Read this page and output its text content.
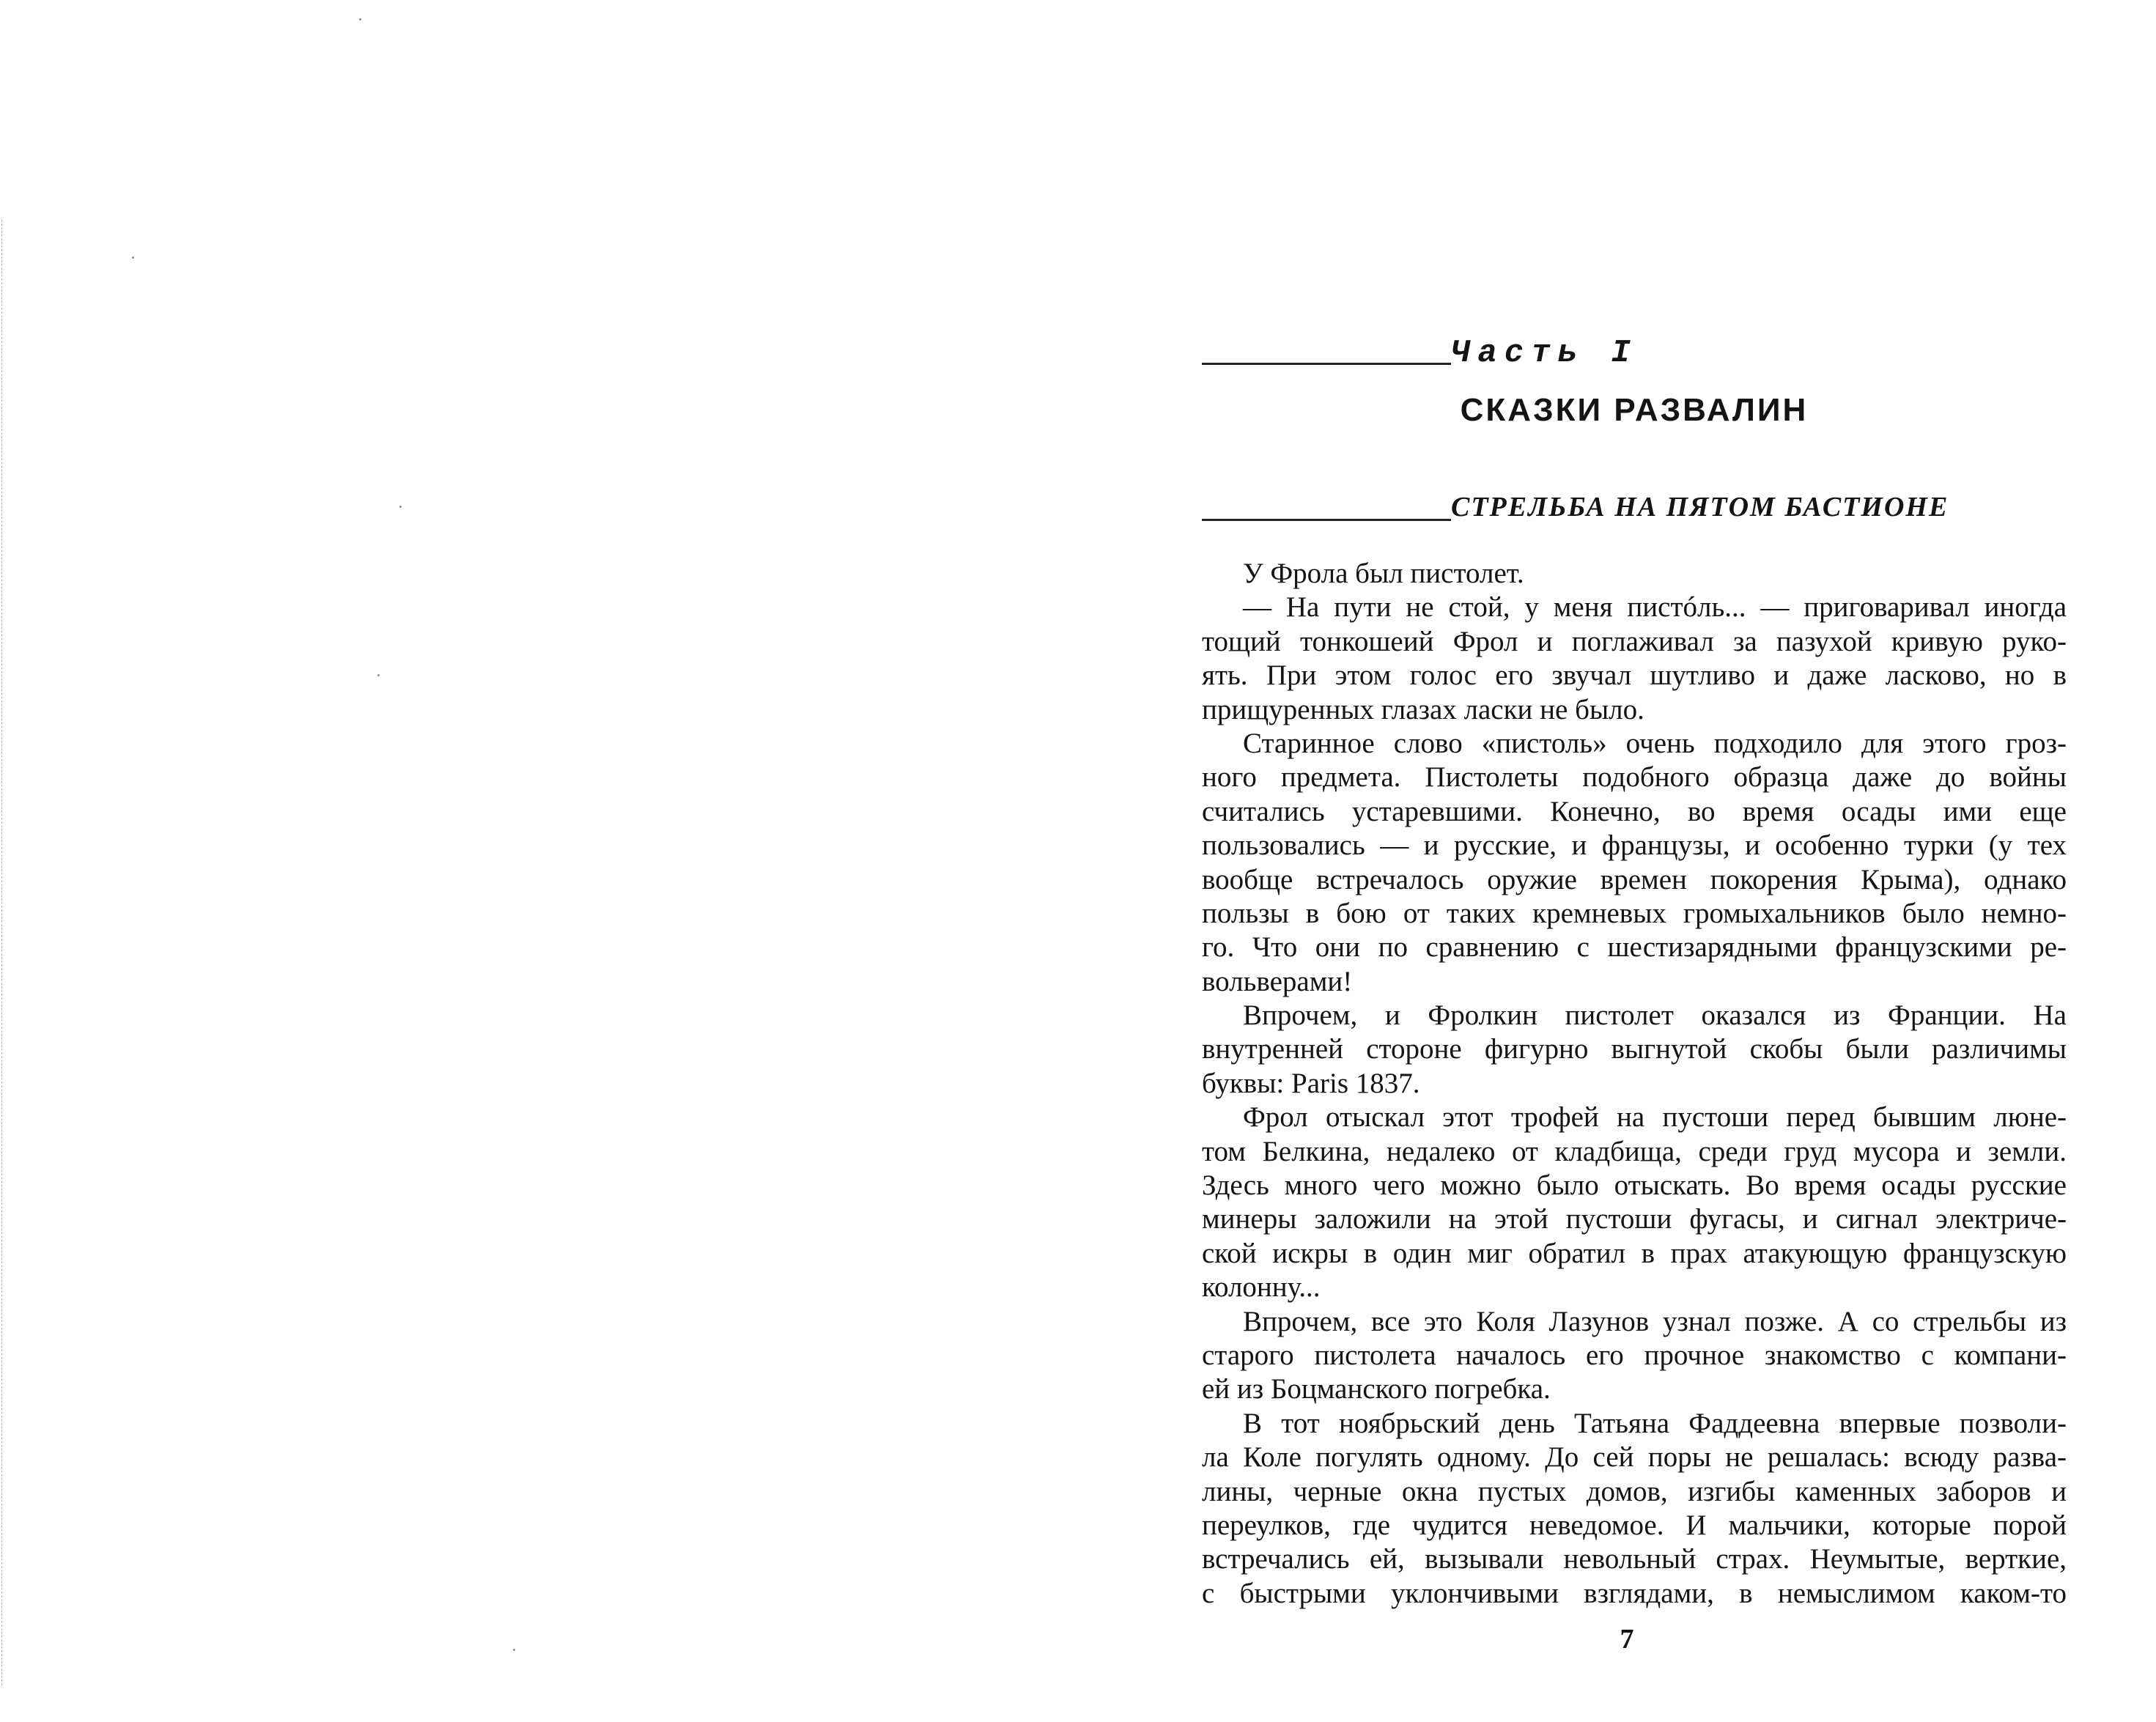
Часть I
СКАЗКИ РАЗВАЛИН
СТРЕЛЬБА НА ПЯТОМ БАСТИОНЕ
У Фрола был пистолет.
— На пути не стой, у меня пистóль... — приговаривал иногда
тощий тонкошеий Фрол и поглаживал за пазухой кривую руко-
ять. При этом голос его звучал шутливо и даже ласково, но в
прищуренных глазах ласки не было.
Старинное слово «пистоль» очень подходило для этого гроз-
ного предмета. Пистолеты подобного образца даже до войны
считались устаревшими. Конечно, во время осады ими еще
пользовались — и русские, и французы, и особенно турки (у тех
вообще встречалось оружие времен покорения Крыма), однако
пользы в бою от таких кремневых громыхальников было немно-
го. Что они по сравнению с шестизарядными французскими ре-
вольверами!
Впрочем, и Фролкин пистолет оказался из Франции. На
внутренней стороне фигурно выгнутой скобы были различимы
буквы: Paris 1837.
Фрол отыскал этот трофей на пустоши перед бывшим люне-
том Белкина, недалеко от кладбища, среди груд мусора и земли.
Здесь много чего можно было отыскать. Во время осады русские
минеры заложили на этой пустоши фугасы, и сигнал электриче-
ской искры в один миг обратил в прах атакующую французскую
колонну...
Впрочем, все это Коля Лазунов узнал позже. А со стрельбы из
старого пистолета началось его прочное знакомство с компани-
ей из Боцманского погребка.
В тот ноябрьский день Татьяна Фаддеевна впервые позволи-
ла Коле погулять одному. До сей поры не решалась: всюду разва-
лины, черные окна пустых домов, изгибы каменных заборов и
переулков, где чудится неведомое. И мальчики, которые порой
встречались ей, вызывали невольный страх. Неумытые, верткие,
с быстрыми уклончивыми взглядами, в немыслимом каком-то
7
